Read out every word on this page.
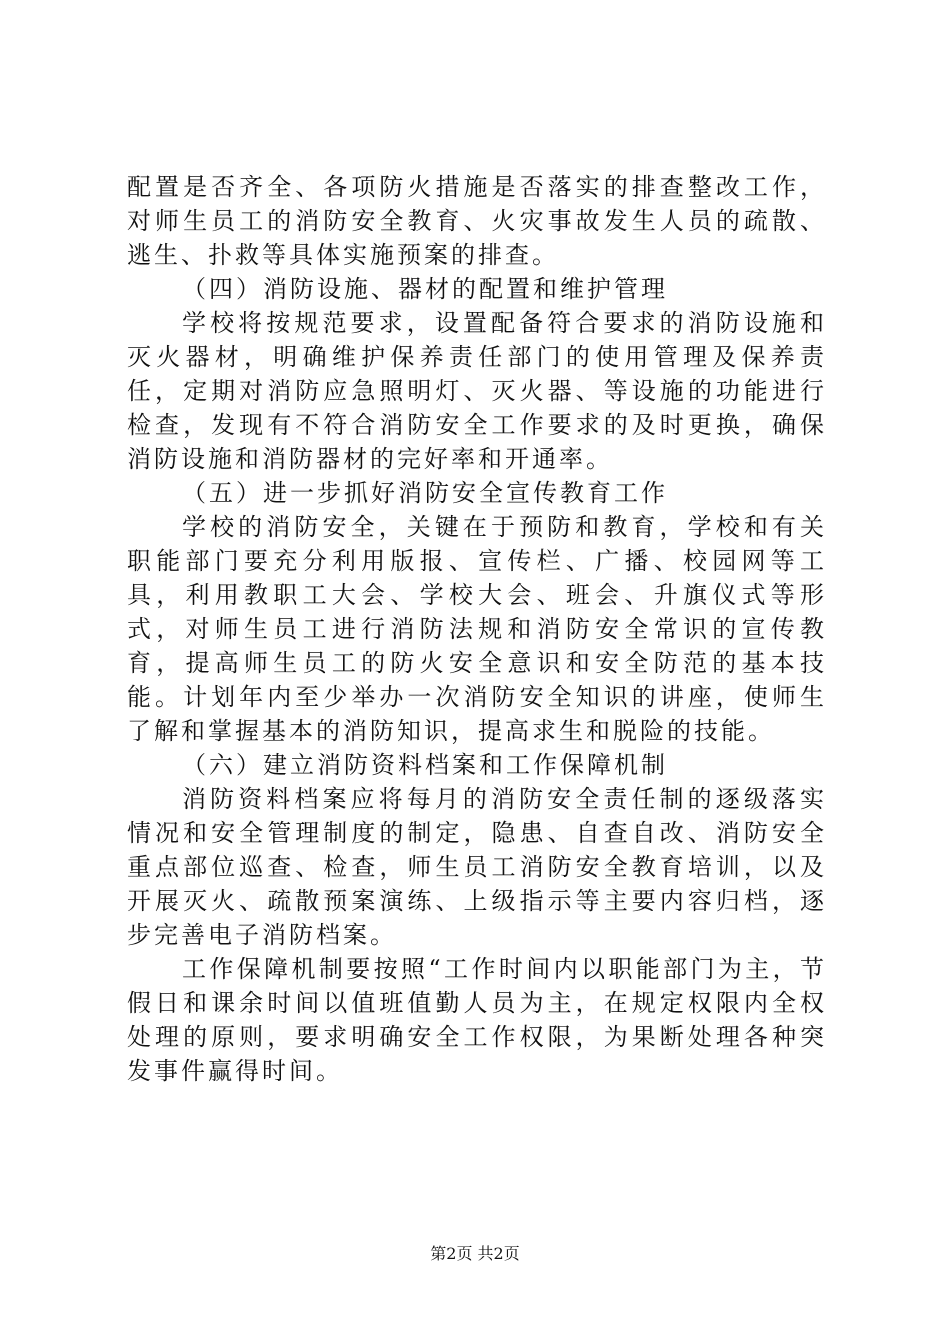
配置是否齐全、各项防火措施是否落实的排查整改工作，对师生员工的消防安全教育、火灾事故发生人员的疏散、逃生、扑救等具体实施预案的排查。

（四）消防设施、器材的配置和维护管理

学校将按规范要求，设置配备符合要求的消防设施和灭火器材，明确维护保养责任部门的使用管理及保养责任，定期对消防应急照明灯、灭火器、等设施的功能进行检查，发现有不符合消防安全工作要求的及时更换，确保消防设施和消防器材的完好率和开通率。

（五）进一步抓好消防安全宣传教育工作

学校的消防安全，关键在于预防和教育，学校和有关职能部门要充分利用版报、宣传栏、广播、校园网等工具，利用教职工大会、学校大会、班会、升旗仪式等形式，对师生员工进行消防法规和消防安全常识的宣传教育，提高师生员工的防火安全意识和安全防范的基本技能。计划年内至少举办一次消防安全知识的讲座，使师生了解和掌握基本的消防知识，提高求生和脱险的技能。

（六）建立消防资料档案和工作保障机制

消防资料档案应将每月的消防安全责任制的逐级落实情况和安全管理制度的制定，隐患、自查自改、消防安全重点部位巡查、检查，师生员工消防安全教育培训，以及开展灭火、疏散预案演练、上级指示等主要内容归档，逐步完善电子消防档案。

工作保障机制要按照“工作时间内以职能部门为主，节假日和课余时间以值班值勤人员为主，在规定权限内全权处理的原则，要求明确安全工作权限，为果断处理各种突发事件赢得时间。

第2页 共2页
